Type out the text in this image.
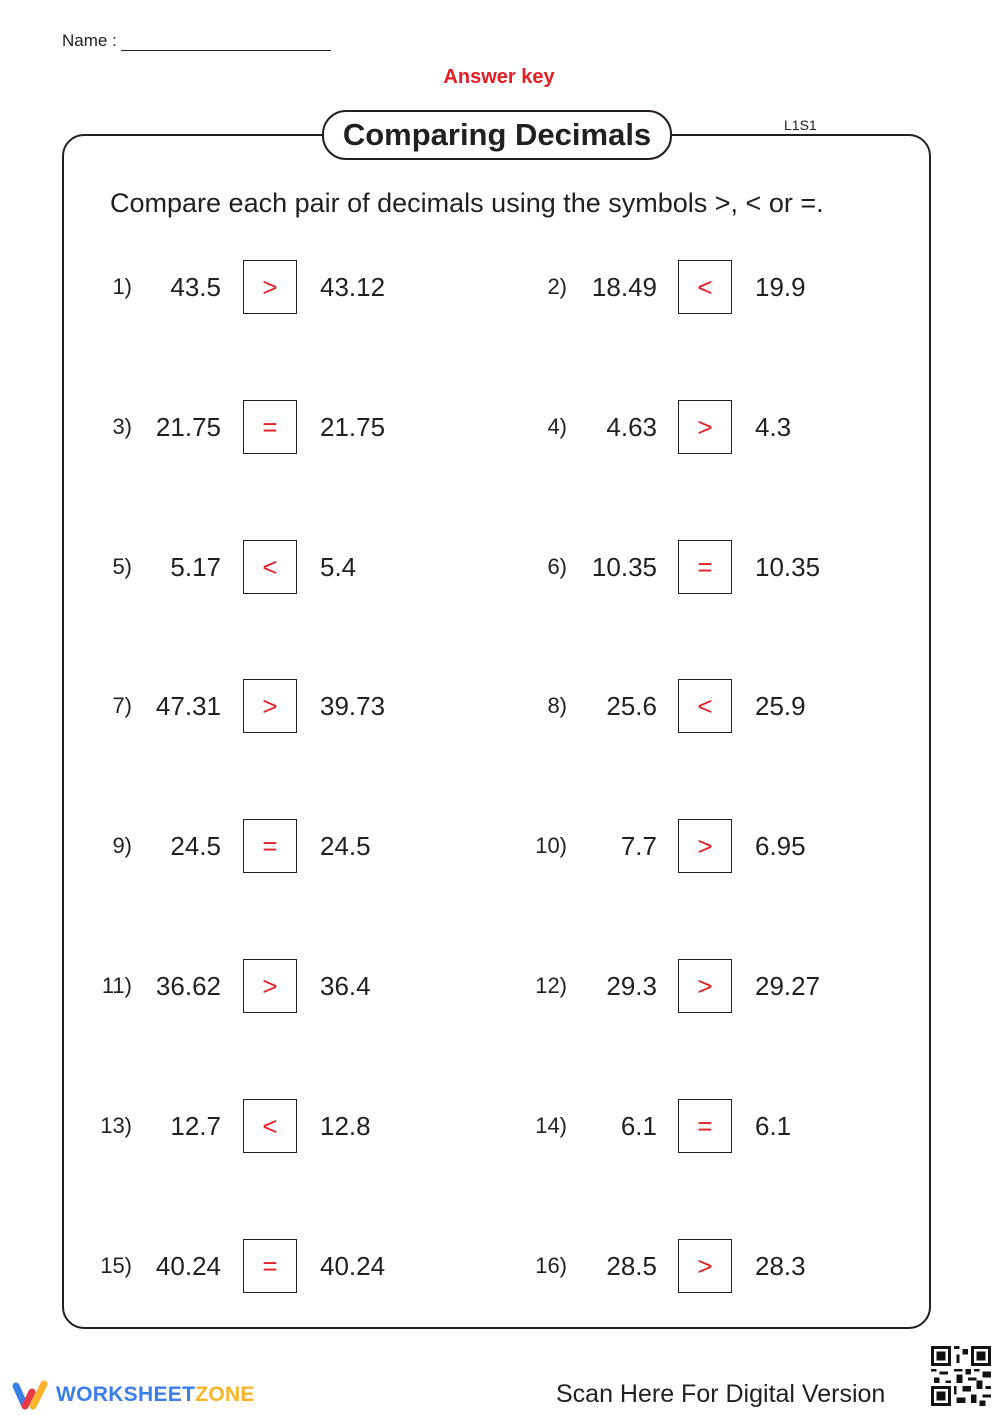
Name :
Answer key
Comparing Decimals	L1S1
Compare each pair of decimals using the symbols >, < or =.
1)	43.5	>	43.12	2) 18.49	<	19.9
3) 21.75	=	21.75	4)	4.63	>	4.3
5)	5.17	<	5.4	6) 10.35	=	10.35
7) 47.31	>	39.73	8)	25.6	<	25.9
9)	24.5	=	24.5	10)	7.7	>	6.95
11) 36.62	>	36.4	12)	29.3	>	29.27
13)	12.7	<	12.8	14)	6.1	=	6.1
15) 40.24	=	40.24	16)	28.5	>	28.3
WORKSHEETZONE	Scan Here For Digital Version
